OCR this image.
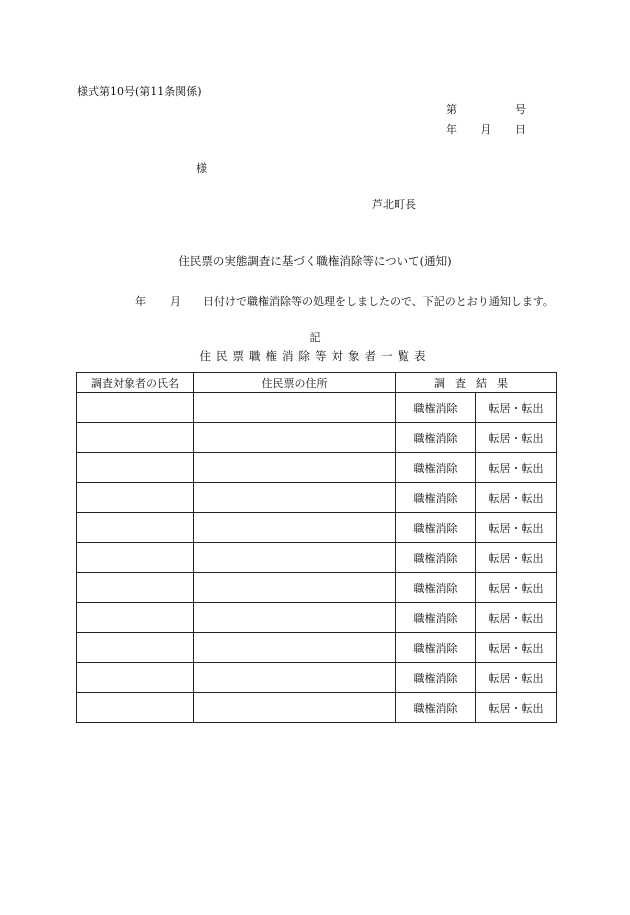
様式第10号(第11条関係)
第	号
年 月 日
様
芦北町長
住民票の実態調査に基づく職権消除等について(通知)
年 月 日付けで職権消除等の処理をしましたので、下記のとおり通知します。
記
住民票職権消除等対象者一覧表
調査対象者の氏名	住民票の住所	調査結果	
		職権消除	転居・転出
		職権消除	転居・転出
		職権消除	転居・転出
		職権消除	転居・転出
		職権消除	転居・転出
		職権消除	転居・転出
		職権消除	転居・転出
		職権消除	転居・転出
		職権消除	転居・転出
		職権消除	転居・転出
		職権消除	転居・転出
